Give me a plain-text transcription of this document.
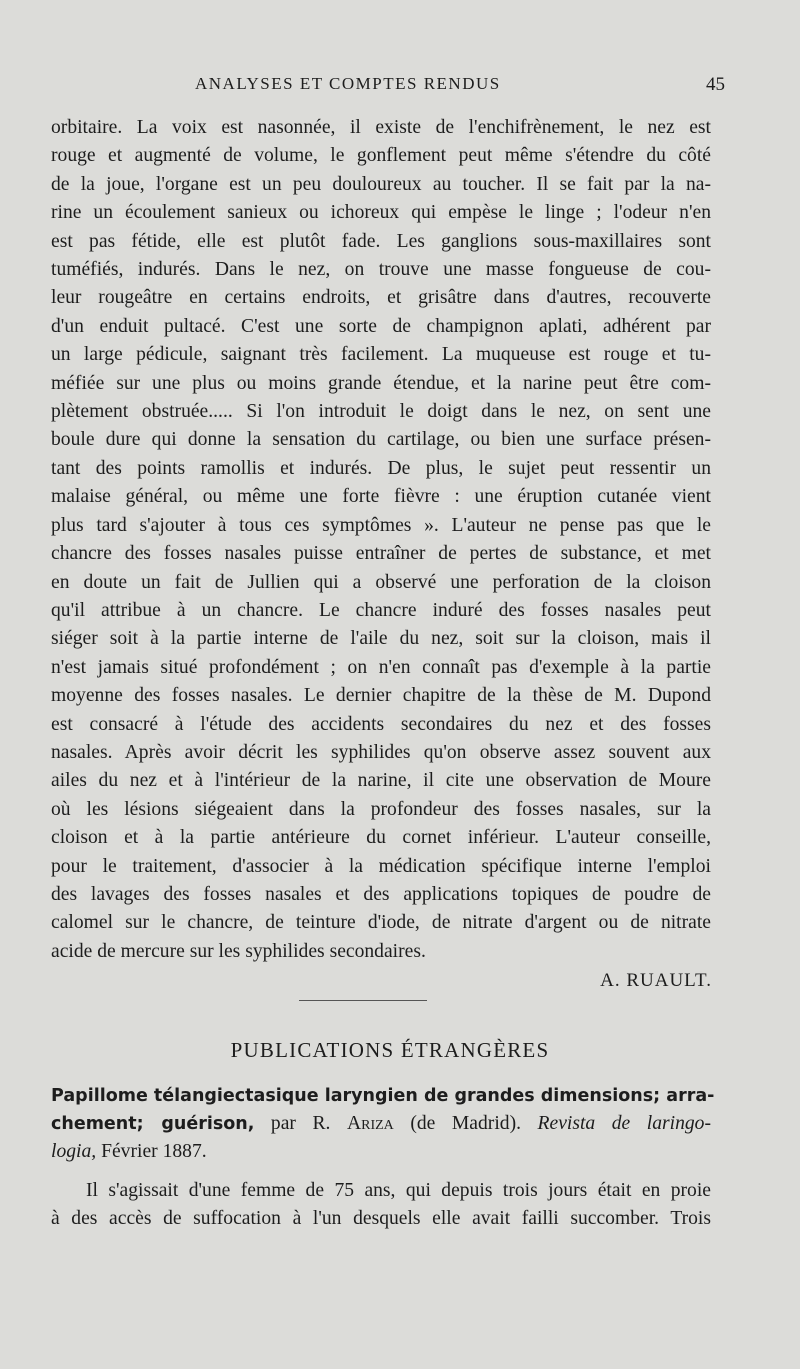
ANALYSES ET COMPTES RENDUS	45
orbitaire. La voix est nasonnée, il existe de l'enchifrènement, le nez est
rouge et augmenté de volume, le gonflement peut même s'étendre du côté
de la joue, l'organe est un peu douloureux au toucher. Il se fait par la na-
rine un écoulement sanieux ou ichoreux qui empèse le linge ; l'odeur n'en
est pas fétide, elle est plutôt fade. Les ganglions sous-maxillaires sont
tuméfiés, indurés. Dans le nez, on trouve une masse fongueuse de cou-
leur rougeâtre en certains endroits, et grisâtre dans d'autres, recouverte
d'un enduit pultacé. C'est une sorte de champignon aplati, adhérent par
un large pédicule, saignant très facilement. La muqueuse est rouge et tu-
méfiée sur une plus ou moins grande étendue, et la narine peut être com-
plètement obstruée..... Si l'on introduit le doigt dans le nez, on sent une
boule dure qui donne la sensation du cartilage, ou bien une surface présen-
tant des points ramollis et indurés. De plus, le sujet peut ressentir un
malaise général, ou même une forte fièvre : une éruption cutanée vient
plus tard s'ajouter à tous ces symptômes ». L'auteur ne pense pas que le
chancre des fosses nasales puisse entraîner de pertes de substance, et met
en doute un fait de Jullien qui a observé une perforation de la cloison
qu'il attribue à un chancre. Le chancre induré des fosses nasales peut
siéger soit à la partie interne de l'aile du nez, soit sur la cloison, mais il
n'est jamais situé profondément ; on n'en connaît pas d'exemple à la partie
moyenne des fosses nasales. Le dernier chapitre de la thèse de M. Dupond
est consacré à l'étude des accidents secondaires du nez et des fosses
nasales. Après avoir décrit les syphilides qu'on observe assez souvent aux
ailes du nez et à l'intérieur de la narine, il cite une observation de Moure
où les lésions siégeaient dans la profondeur des fosses nasales, sur la
cloison et à la partie antérieure du cornet inférieur. L'auteur conseille,
pour le traitement, d'associer à la médication spécifique interne l'emploi
des lavages des fosses nasales et des applications topiques de poudre de
calomel sur le chancre, de teinture d'iode, de nitrate d'argent ou de nitrate
acide de mercure sur les syphilides secondaires.
A. RUAULT.
PUBLICATIONS ÉTRANGÈRES
Papillome télangiectasique laryngien de grandes dimensions; arra-
chement; guérison, par R. Ariza (de Madrid). Revista de laringo-
logia, Février 1887.
Il s'agissait d'une femme de 75 ans, qui depuis trois jours était en proie
à des accès de suffocation à l'un desquels elle avait failli succomber. Trois
